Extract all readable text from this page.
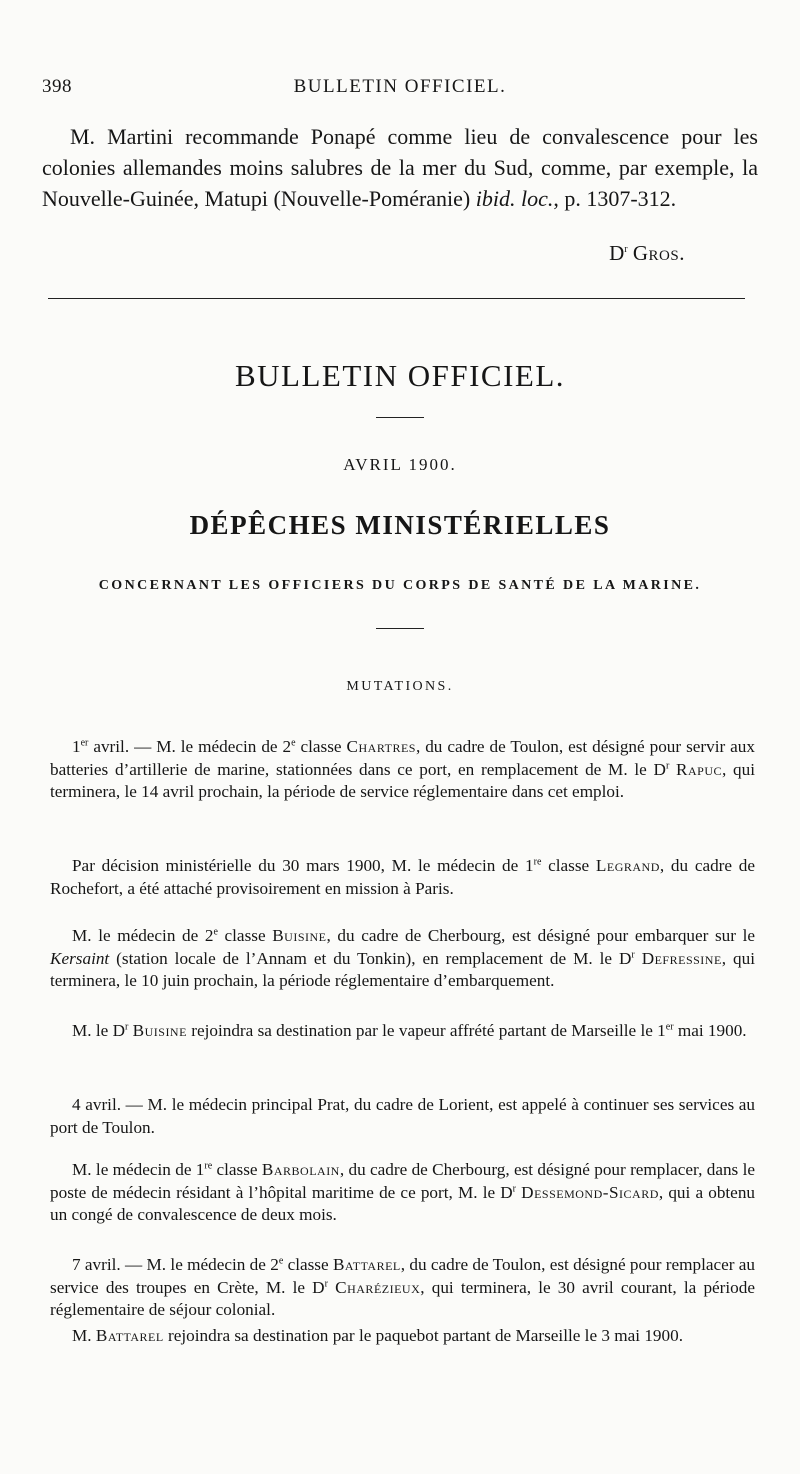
398	BULLETIN OFFICIEL.

M. Martini recommande Ponapé comme lieu de convalescence pour les colonies allemandes moins salubres de la mer du Sud, comme, par exemple, la Nouvelle-Guinée, Matupi (Nouvelle-Poméranie) ibid. loc., p. 1307-312.

$D^r$ Gros.
BULLETIN OFFICIEL.
AVRIL 1900.
DÉPÊCHES MINISTÉRIELLES
CONCERNANT LES OFFICIERS DU CORPS DE SANTÉ DE LA MARINE.
MUTATIONS.

1er avril. — M. le médecin de 2e classe Chartres, du cadre de Toulon, est désigné pour servir aux batteries d’artillerie de marine, stationnées dans ce port, en remplacement de M. le $D^r$ Rapuc, qui terminera, le 14 avril prochain, la période de service réglementaire dans cet emploi.

Par décision ministérielle du 30 mars 1900, M. le médecin de 1re classe Legrand, du cadre de Rochefort, a été attaché provisoirement en mission à Paris.

M. le médecin de 2e classe Buisine, du cadre de Cherbourg, est désigné pour embarquer sur le Kersaint (station locale de l’Annam et du Tonkin), en remplacement de M. le $D^r$ Defressine, qui terminera, le 10 juin prochain, la période réglementaire d’embarquement.

M. le $D^r$ Buisine rejoindra sa destination par le vapeur affrété partant de Marseille le 1er mai 1900.

4 avril. — M. le médecin principal Prat, du cadre de Lorient, est appelé à continuer ses services au port de Toulon.

M. le médecin de 1re classe Barbolain, du cadre de Cherbourg, est désigné pour remplacer, dans le poste de médecin résidant à l’hôpital maritime de ce port, M. le $D^r$ Dessemond-Sicard, qui a obtenu un congé de convalescence de deux mois.

7 avril. — M. le médecin de 2e classe Battarel, du cadre de Toulon, est désigné pour remplacer au service des troupes en Crète, M. le $D^r$ Charézieux, qui terminera, le 30 avril courant, la période réglementaire de séjour colonial.

M. Battarel rejoindra sa destination par le paquebot partant de Marseille le 3 mai 1900.
